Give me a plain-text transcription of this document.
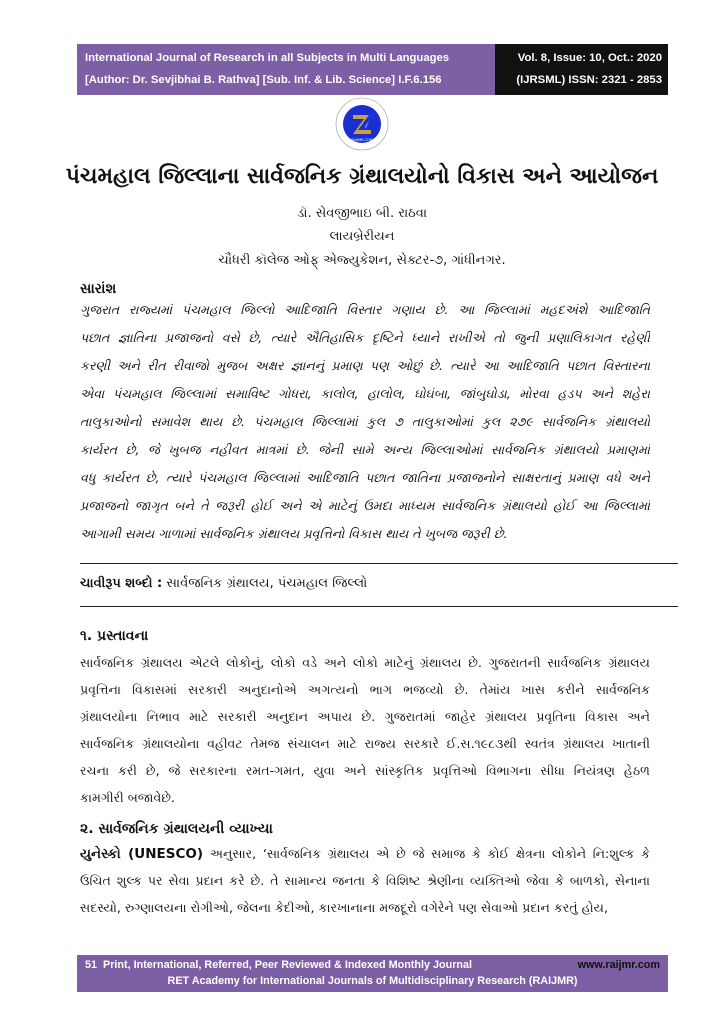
International Journal of Research in all Subjects in Multi Languages
[Author: Dr. Sevjibhai B. Rathva] [Sub. Inf. & Lib. Science] I.F.6.156
Vol. 8, Issue: 10, Oct.: 2020
(IJRSML) ISSN: 2321 - 2853
RAIJMR.COM
પંચમહાલ જિલ્લાના સાર્વજનિક ગ્રંથાલયોનો વિકાસ અને આયોજન
ડૉ. સેવજીભાઇ બી. રાઠવા
લાયબ્રેરીયન
ચૌધરી કૉલેજ ઓફ્ એજ્યુકેશન, સેક્ટર-૭, ગાંધીનગર.
સારાંશ
ગુજરાત રાજ્યમાં પંચમહાલ જિલ્લો આદિજાતિ વિસ્તાર ગણાય છે. આ જિલ્લામાં મહદઅંશે આદિજાતિ
પછાત જ્ઞાતિના પ્રજાજનો વસે છે, ત્યારે ઐતિહાસિક દૃષ્ટિને ધ્યાને રાખીએ તો જુની પ્રણાલિકાગત રહેણી
કરણી અને રીત રીવાજો મુજબ અક્ષર જ્ઞાનનું પ્રમાણ પણ ઓછું છે. ત્યારે આ આદિજાતિ પછાત વિસ્તારના
એવા પંચમહાલ જિલ્લામાં સમાવિષ્ટ ગોધરા, કાલોલ, હાલોલ, ઘોઘંબા, જાંબુઘોડા, મોરવા હડપ અને શહેરા
તાલુકાઓનો સમાવેશ થાય છે. પંચમહાલ જિલ્લામાં કુલ ૭ તાલુકાઓમાં કુલ ૨૭૯ સાર્વજનિક ગ્રંથાલયો
કાર્યરત છે, જે ખુબજ નહીવત માત્રમાં છે. જેની સામે અન્ય જિલ્લાઓમાં સાર્વજનિક ગ્રંથાલયો પ્રમાણમાં
વધુ કાર્યરત છે, ત્યારે પંચમહાલ જિલ્લામાં આદિજાતિ પછાત જાતિના પ્રજાજનોને સાક્ષરતાનું પ્રમાણ વધે અને
પ્રજાજનો જાગૃત બને તે જરૂરી હોઈ અને એ માટેનું ઉમદા માધ્યમ સાર્વજનિક ગ્રંથાલયો હોઈ આ જિલ્લામાં
આગામી સમય ગાળામાં સાર્વજનિક ગ્રંથાલય પ્રવૃત્તિનો વિકાસ થાય તે ખુબજ જરૂરી છે.
ચાવીરૂપ શબ્દો : સાર્વજનિક ગ્રંથાલય, પંચમહાલ જિલ્લો
૧. પ્રસ્તાવના
સાર્વજનિક ગ્રંથાલય એટલે લોકોનું, લોકો વડે અને લોકો માટેનું ગ્રંથાલય છે. ગુજરાતની સાર્વજનિક ગ્રંથાલય
પ્રવૃત્તિના વિકાસમાં સરકારી અનુદાનોએ અગત્યનો ભાગ ભજવ્યો છે. તેમાંય ખાસ કરીને સાર્વજનિક
ગ્રંથાલયોના નિભાવ માટે સરકારી અનુદાન અપાય છે. ગુજરાતમાં જાહેર ગ્રંથાલય પ્રવૃતિના વિકાસ અને
સાર્વજનિક ગ્રંથાલયોના વહીવટ તેમજ સંચાલન માટે રાજ્ય સરકારે ઈ.સ.૧૯૮૩થી સ્વતંત્ર ગ્રંથાલય ખાતાની
રચના કરી છે, જે સરકારના રમત-ગમત, યુવા અને સાંસ્કૃતિક પ્રવૃત્તિઓ વિભાગના સીધા નિયંત્રણ હેઠળ
કામગીરી બજાવેછે.
૨. સાર્વજનિક ગ્રંથાલયની વ્યાખ્યા
યુનેસ્કો (UNESCO) અનુસાર, ‘સાર્વજનિક ગ્રંથાલય એ છે જે સમાજ કે કોઈ ક્ષેત્રના લોકોને નિ:શુલ્ક કે
ઉચિત શુલ્ક પર સેવા પ્રદાન કરે છે. તે સામાન્ય જનતા કે વિશિષ્ટ શ્રેણીના વ્યક્તિઓ જેવા કે બાળકો, સેનાના
સદસ્યો, રુગ્ણાલયના રોગીઓ, જેલના કેદીઓ, કારખાનાના મજદૂરો વગેરેને પણ સેવાઓ પ્રદાન કરતું હોય,
51 Print, International, Referred, Peer Reviewed & Indexed Monthly Journal	www.raijmr.com
RET Academy for International Journals of Multidisciplinary Research (RAIJMR)
